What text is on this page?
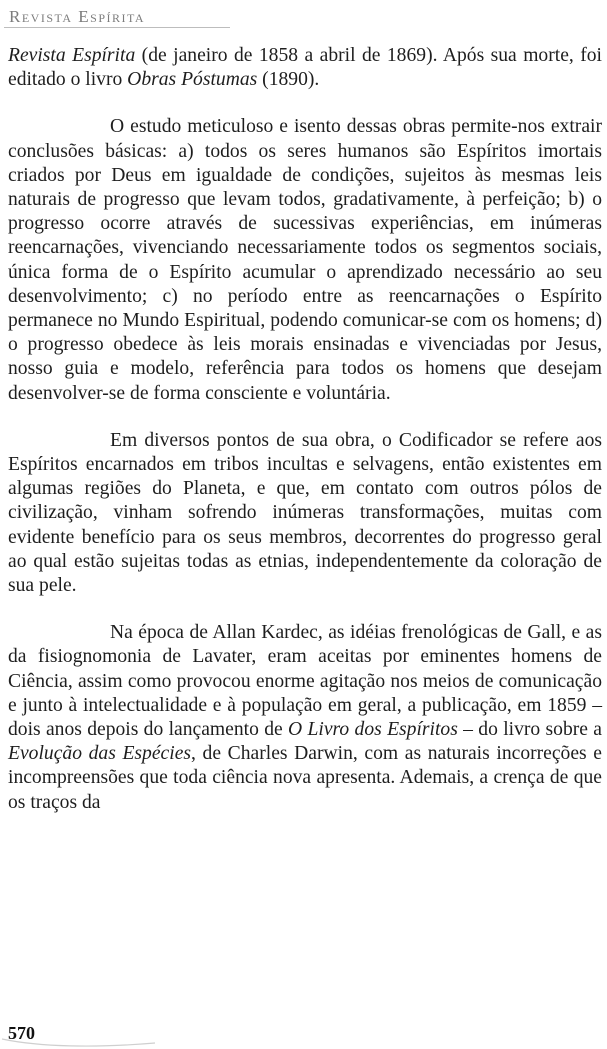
Revista Espírita

Revista Espírita (de janeiro de 1858 a abril de 1869). Após sua morte, foi editado o livro Obras Póstumas (1890).

O estudo meticuloso e isento dessas obras permite-nos extrair conclusões básicas: a) todos os seres humanos são Espíritos imortais criados por Deus em igualdade de condições, sujeitos às mesmas leis naturais de progresso que levam todos, gradativamente, à perfeição; b) o progresso ocorre através de sucessivas experiências, em inúmeras reencarnações, vivenciando necessariamente todos os segmentos sociais, única forma de o Espírito acumular o aprendizado necessário ao seu desenvolvimento; c) no período entre as reencarnações o Espírito permanece no Mundo Espiritual, podendo comunicar-se com os homens; d) o progresso obedece às leis morais ensinadas e vivenciadas por Jesus, nosso guia e modelo, referência para todos os homens que desejam desenvolver-se de forma consciente e voluntária.

Em diversos pontos de sua obra, o Codificador se refere aos Espíritos encarnados em tribos incultas e selvagens, então existentes em algumas regiões do Planeta, e que, em contato com outros pólos de civilização, vinham sofrendo inúmeras transformações, muitas com evidente benefício para os seus membros, decorrentes do progresso geral ao qual estão sujeitas todas as etnias, independentemente da coloração de sua pele.

Na época de Allan Kardec, as idéias frenológicas de Gall, e as da fisiognomonia de Lavater, eram aceitas por eminentes homens de Ciência, assim como provocou enorme agitação nos meios de comunicação e junto à intelectualidade e à população em geral, a publicação, em 1859 – dois anos depois do lançamento de O Livro dos Espíritos – do livro sobre a Evolução das Espécies, de Charles Darwin, com as naturais incorreções e incompreensões que toda ciência nova apresenta. Ademais, a crença de que os traços da

570
